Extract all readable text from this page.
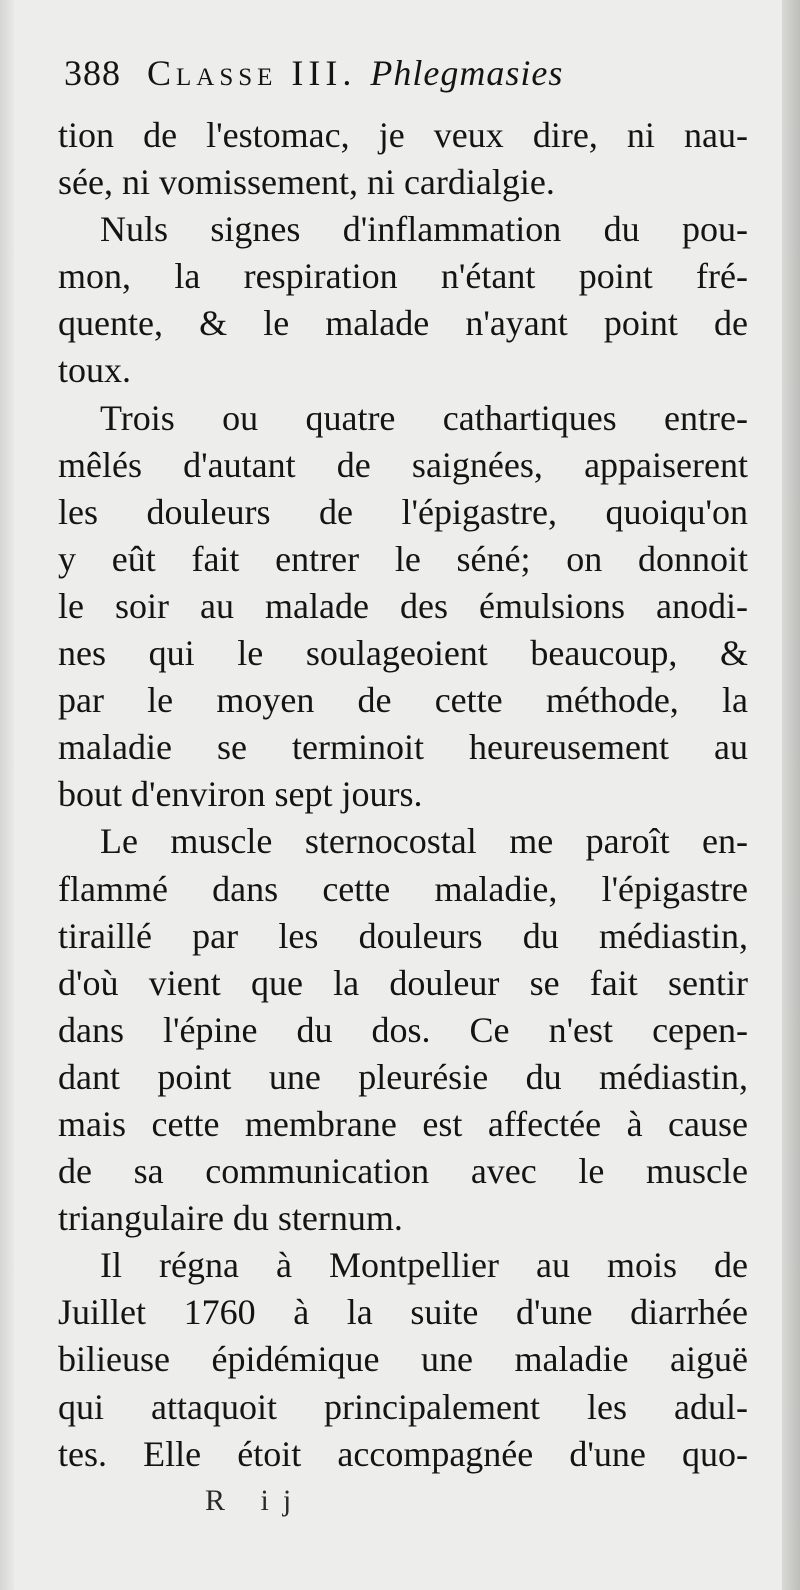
388 Classe III. Phlegmasies
tion de l'estomac, je veux dire, ni nau-
sée, ni vomissement, ni cardialgie.
Nuls signes d'inflammation du pou-
mon, la respiration n'étant point fré-
quente, & le malade n'ayant point de
toux.
Trois ou quatre cathartiques entre-
mêlés d'autant de saignées, appaiserent
les douleurs de l'épigastre, quoiqu'on
y eût fait entrer le séné; on donnoit
le soir au malade des émulsions anodi-
nes qui le soulageoient beaucoup, &
par le moyen de cette méthode, la
maladie se terminoit heureusement au
bout d'environ sept jours.
Le muscle sternocostal me paroît en-
flammé dans cette maladie, l'épigastre
tiraillé par les douleurs du médiastin,
d'où vient que la douleur se fait sentir
dans l'épine du dos. Ce n'est cepen-
dant point une pleurésie du médiastin,
mais cette membrane est affectée à cause
de sa communication avec le muscle
triangulaire du sternum.
Il régna à Montpellier au mois de
Juillet 1760 à la suite d'une diarrhée
bilieuse épidémique une maladie aiguë
qui attaquoit principalement les adul-
tes. Elle étoit accompagnée d'une quo-
R ij
